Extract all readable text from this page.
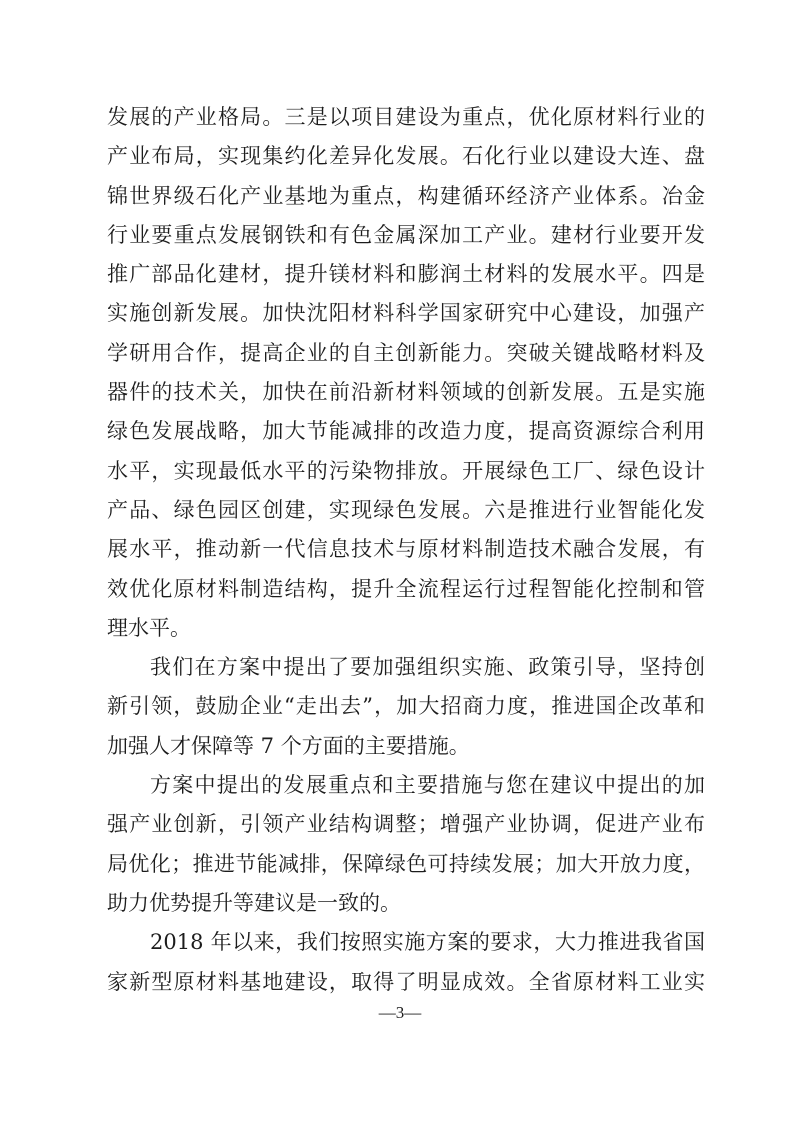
发展的产业格局。三是以项目建设为重点，优化原材料行业的
产业布局，实现集约化差异化发展。石化行业以建设大连、盘
锦世界级石化产业基地为重点，构建循环经济产业体系。冶金
行业要重点发展钢铁和有色金属深加工产业。建材行业要开发
推广部品化建材，提升镁材料和膨润土材料的发展水平。四是
实施创新发展。加快沈阳材料科学国家研究中心建设，加强产
学研用合作，提高企业的自主创新能力。突破关键战略材料及
器件的技术关，加快在前沿新材料领域的创新发展。五是实施
绿色发展战略，加大节能减排的改造力度，提高资源综合利用
水平，实现最低水平的污染物排放。开展绿色工厂、绿色设计
产品、绿色园区创建，实现绿色发展。六是推进行业智能化发
展水平，推动新一代信息技术与原材料制造技术融合发展，有
效优化原材料制造结构，提升全流程运行过程智能化控制和管
理水平。
我们在方案中提出了要加强组织实施、政策引导，坚持创
新引领，鼓励企业“走出去”，加大招商力度，推进国企改革和
加强人才保障等 7 个方面的主要措施。
方案中提出的发展重点和主要措施与您在建议中提出的加
强产业创新，引领产业结构调整；增强产业协调，促进产业布
局优化；推进节能减排，保障绿色可持续发展；加大开放力度，
助力优势提升等建议是一致的。
2018 年以来，我们按照实施方案的要求，大力推进我省国
家新型原材料基地建设，取得了明显成效。全省原材料工业实
—3—
